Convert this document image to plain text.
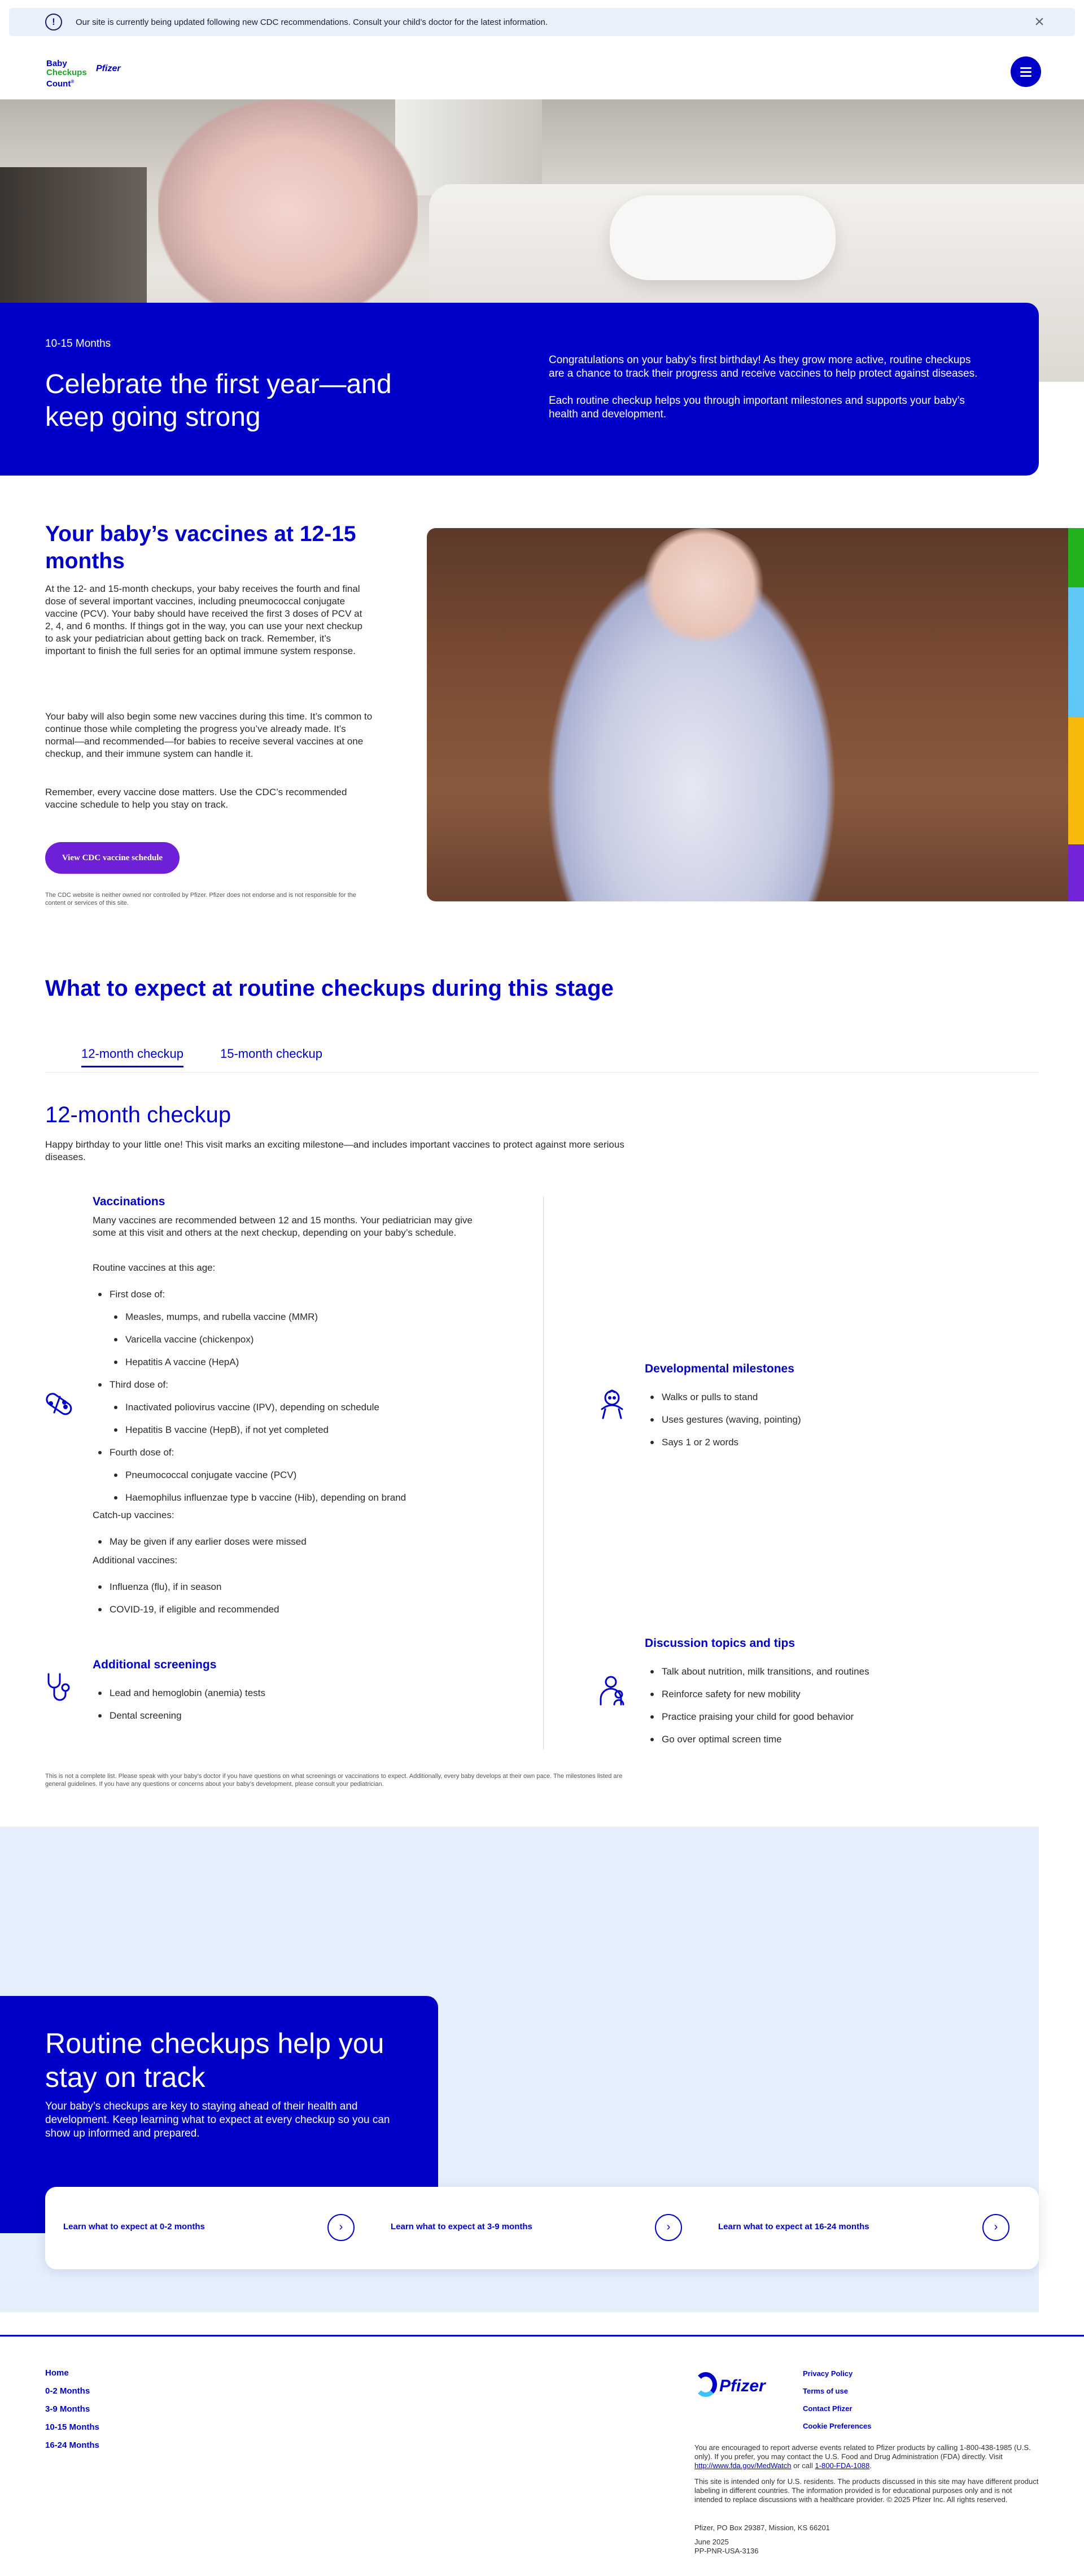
!	Our site is currently being updated following new CDC recommendations. Consult your child’s doctor for the latest information.	×
Baby
Checkups
Count®
Pfizer
10-15 Months
Celebrate the first year—and keep going strong
Congratulations on your baby’s first birthday! As they grow more active, routine checkups are a chance to track their progress and receive vaccines to help protect against diseases.
Each routine checkup helps you through important milestones and supports your baby’s health and development.
Your baby’s vaccines at 12-15 months
At the 12- and 15-month checkups, your baby receives the fourth and final dose of several important vaccines, including pneumococcal conjugate vaccine (PCV). Your baby should have received the first 3 doses of PCV at 2, 4, and 6 months. If things got in the way, you can use your next checkup to ask your pediatrician about getting back on track. Remember, it’s important to finish the full series for an optimal immune system response.
Your baby will also begin some new vaccines during this time. It’s common to continue those while completing the progress you’ve already made. It’s normal—and recommended—for babies to receive several vaccines at one checkup, and their immune system can handle it.
Remember, every vaccine dose matters. Use the CDC’s recommended vaccine schedule to help you stay on track.
View CDC vaccine schedule
The CDC website is neither owned nor controlled by Pfizer. Pfizer does not endorse and is not responsible for the content or services of this site.
What to expect at routine checkups during this stage
12-month checkup	15-month checkup
12-month checkup
Happy birthday to your little one! This visit marks an exciting milestone—and includes important vaccines to protect against more serious diseases.
Vaccinations
Many vaccines are recommended between 12 and 15 months. Your pediatrician may give some at this visit and others at the next checkup, depending on your baby’s schedule.
Routine vaccines at this age:
First dose of:
Measles, mumps, and rubella vaccine (MMR)
Varicella vaccine (chickenpox)
Hepatitis A vaccine (HepA)
Third dose of:
Inactivated poliovirus vaccine (IPV), depending on schedule
Hepatitis B vaccine (HepB), if not yet completed
Fourth dose of:
Pneumococcal conjugate vaccine (PCV)
Haemophilus influenzae type b vaccine (Hib), depending on brand
Catch-up vaccines:
May be given if any earlier doses were missed
Additional vaccines:
Influenza (flu), if in season
COVID-19, if eligible and recommended
Additional screenings
Lead and hemoglobin (anemia) tests
Dental screening
Developmental milestones
Walks or pulls to stand
Uses gestures (waving, pointing)
Says 1 or 2 words
Discussion topics and tips
Talk about nutrition, milk transitions, and routines
Reinforce safety for new mobility
Practice praising your child for good behavior
Go over optimal screen time
This is not a complete list. Please speak with your baby’s doctor if you have questions on what screenings or vaccinations to expect. Additionally, every baby develops at their own pace. The milestones listed are general guidelines. If you have any questions or concerns about your baby’s development, please consult your pediatrician.
Routine checkups help you stay on track
Your baby’s checkups are key to staying ahead of their health and development. Keep learning what to expect at every checkup so you can show up informed and prepared.
Learn what to expect at 0-2 months	›	Learn what to expect at 3-9 months	›	Learn what to expect at 16-24 months	›
Home
0-2 Months
3-9 Months
10-15 Months
16-24 Months
Pfizer
Privacy Policy
Terms of use
Contact Pfizer
Cookie Preferences
You are encouraged to report adverse events related to Pfizer products by calling 1-800-438-1985 (U.S. only). If you prefer, you may contact the U.S. Food and Drug Administration (FDA) directly. Visit http://www.fda.gov/MedWatch or call 1-800-FDA-1088.
This site is intended only for U.S. residents. The products discussed in this site may have different product labeling in different countries. The information provided is for educational purposes only and is not intended to replace discussions with a healthcare provider. © 2025 Pfizer Inc. All rights reserved.
Pfizer, PO Box 29387, Mission, KS 66201
June 2025
PP-PNR-USA-3136
